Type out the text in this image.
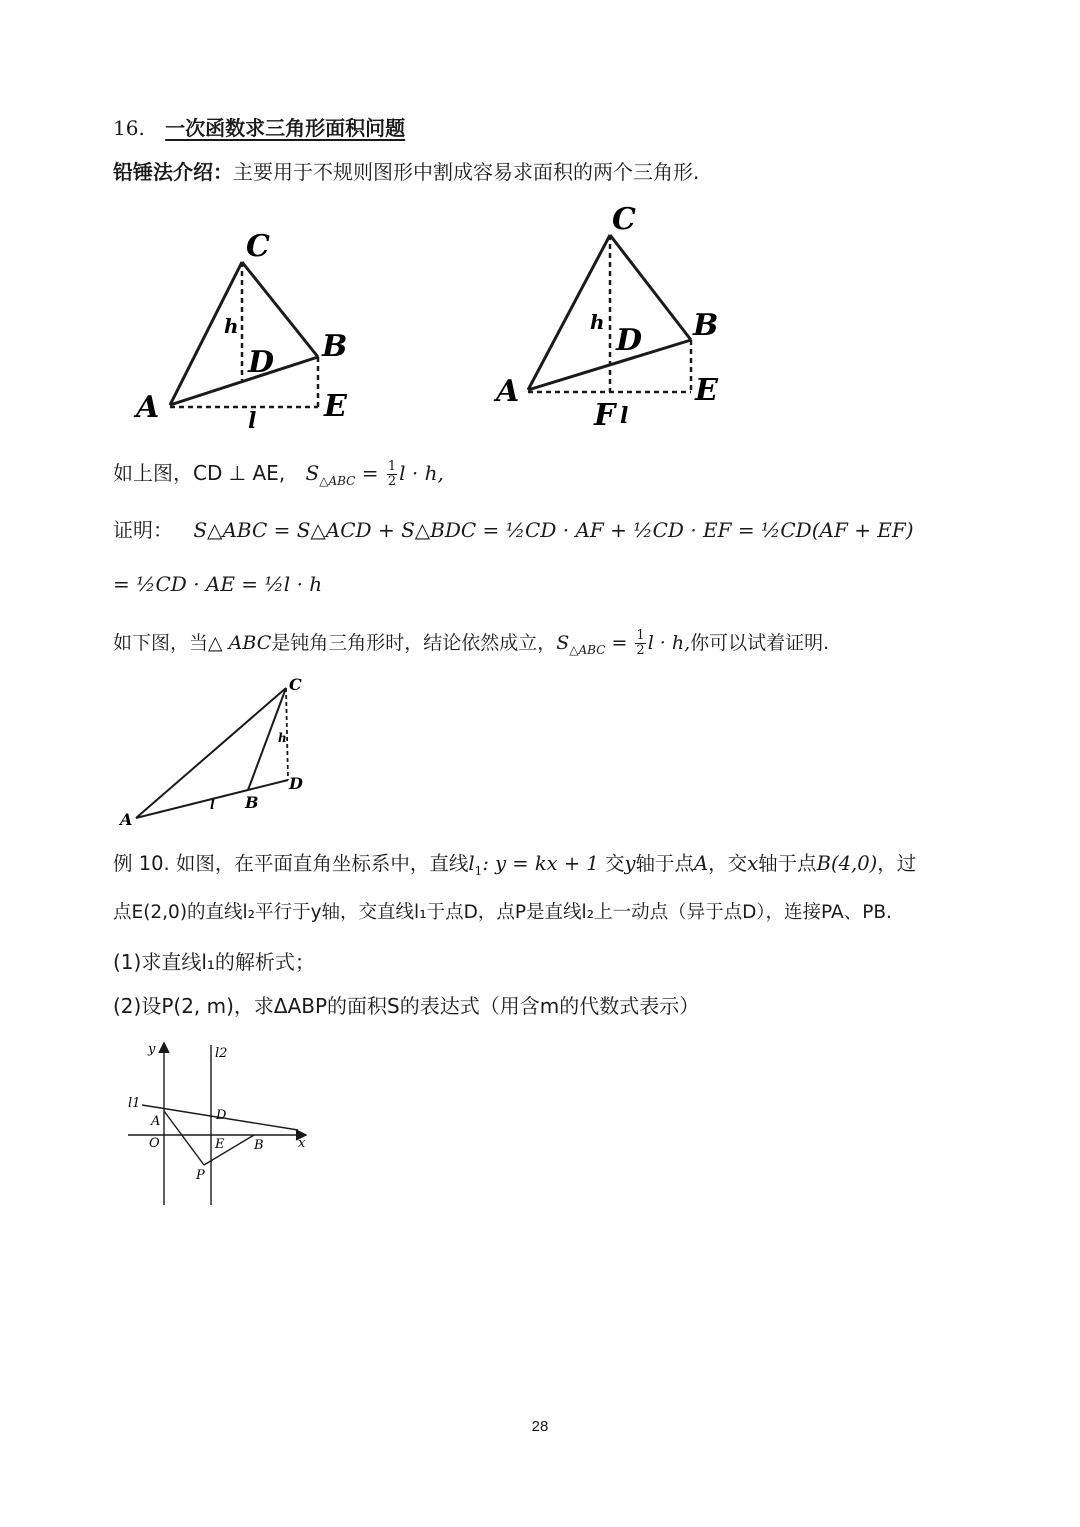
16. 一次函数求三角形面积问题
铅锤法介绍：主要用于不规则图形中割成容易求面积的两个三角形.
C
h
D B
A	E
l
C
h
D B
A	E
F l
如上图，CD ⊥ AE, $S_{\triangle ABC} = \frac{1}{2}$ l · h,
证明： S△ABC = S△ACD + S△BDC = ½CD · AF + ½CD · EF = ½CD(AF + EF)
= ½CD · AE = ½l · h
如下图，当△ ABC是钝角三角形时，结论依然成立，$S_{\triangle ABC} = \frac{1}{2}$ l · h,你可以试着证明.
C
h
D
B
l
A
例 10. 如图，在平面直角坐标系中，直线$l_1$: y = kx + 1 交y轴于点A，交x轴于点B(4,0)，过
点E(2,0)的直线l₂平行于y轴，交直线l₁于点D，点P是直线l₂上一动点（异于点D），连接PA、PB.
(1)求直线l₁的解析式；
(2)设P(2, m)，求ΔABP的面积S的表达式（用含m的代数式表示）
y	l2
l1
D
A
O	E B	x
P
28
